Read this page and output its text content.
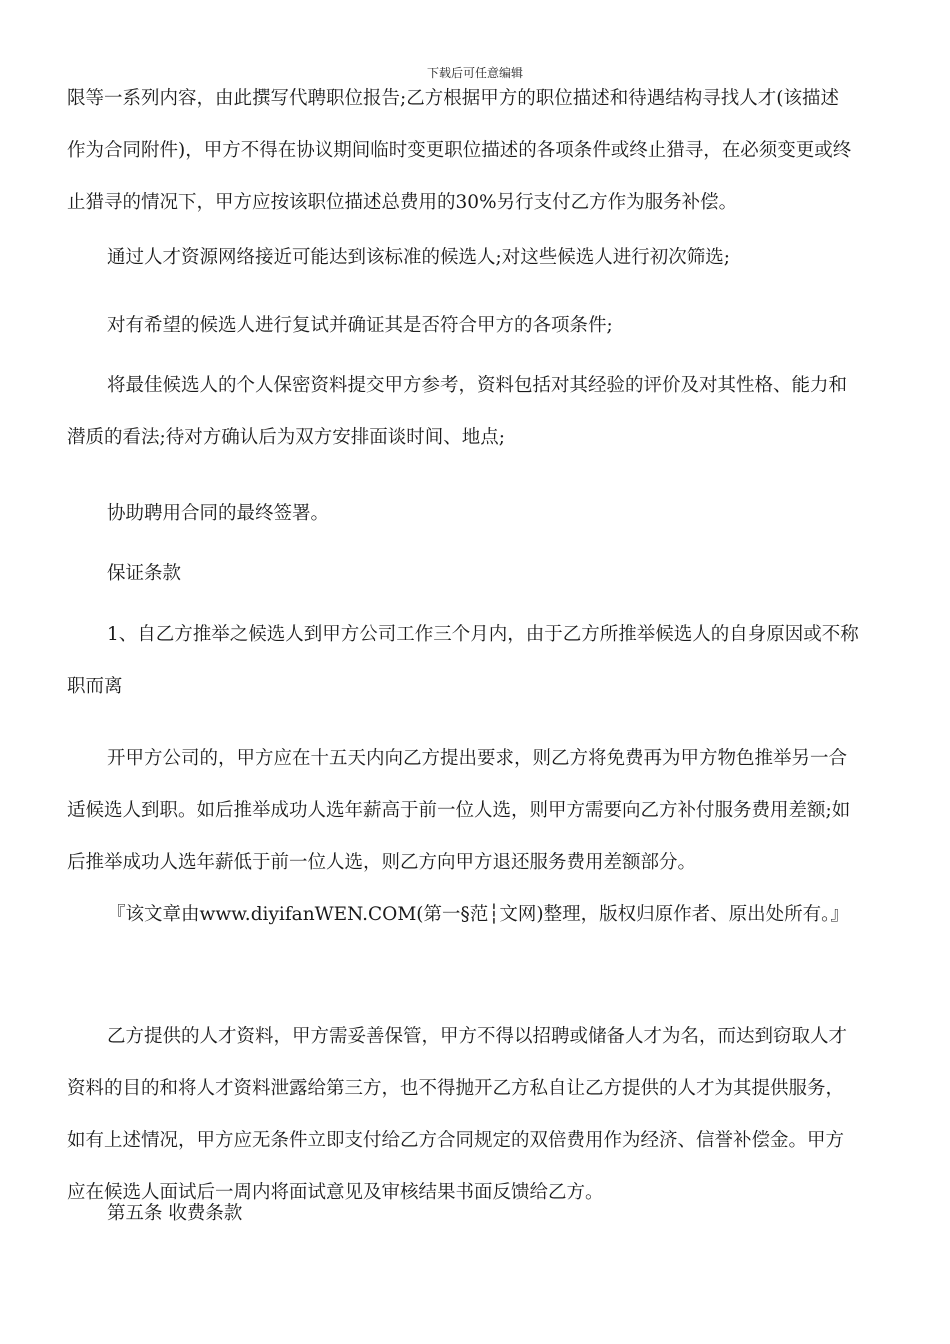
下载后可任意编辑
限等一系列内容，由此撰写代聘职位报告;乙方根据甲方的职位描述和待遇结构寻找人才(该描述
作为合同附件)，甲方不得在协议期间临时变更职位描述的各项条件或终止猎寻，在必须变更或终
止猎寻的情况下，甲方应按该职位描述总费用的30%另行支付乙方作为服务补偿。
通过人才资源网络接近可能达到该标准的候选人;对这些候选人进行初次筛选;
对有希望的候选人进行复试并确证其是否符合甲方的各项条件;
将最佳候选人的个人保密资料提交甲方参考，资料包括对其经验的评价及对其性格、能力和
潜质的看法;待对方确认后为双方安排面谈时间、地点;
协助聘用合同的最终签署。
保证条款
1、自乙方推举之候选人到甲方公司工作三个月内，由于乙方所推举候选人的自身原因或不称
职而离
开甲方公司的，甲方应在十五天内向乙方提出要求，则乙方将免费再为甲方物色推举另一合
适候选人到职。如后推举成功人选年薪高于前一位人选，则甲方需要向乙方补付服务费用差额;如
后推举成功人选年薪低于前一位人选，则乙方向甲方退还服务费用差额部分。
『该文章由www.diyifanWEN.COM(第一§范┆文网)整理，版权归原作者、原出处所有。』
乙方提供的人才资料，甲方需妥善保管，甲方不得以招聘或储备人才为名，而达到窃取人才
资料的目的和将人才资料泄露给第三方，也不得抛开乙方私自让乙方提供的人才为其提供服务，
如有上述情况，甲方应无条件立即支付给乙方合同规定的双倍费用作为经济、信誉补偿金。甲方
应在候选人面试后一周内将面试意见及审核结果书面反馈给乙方。
第五条 收费条款
